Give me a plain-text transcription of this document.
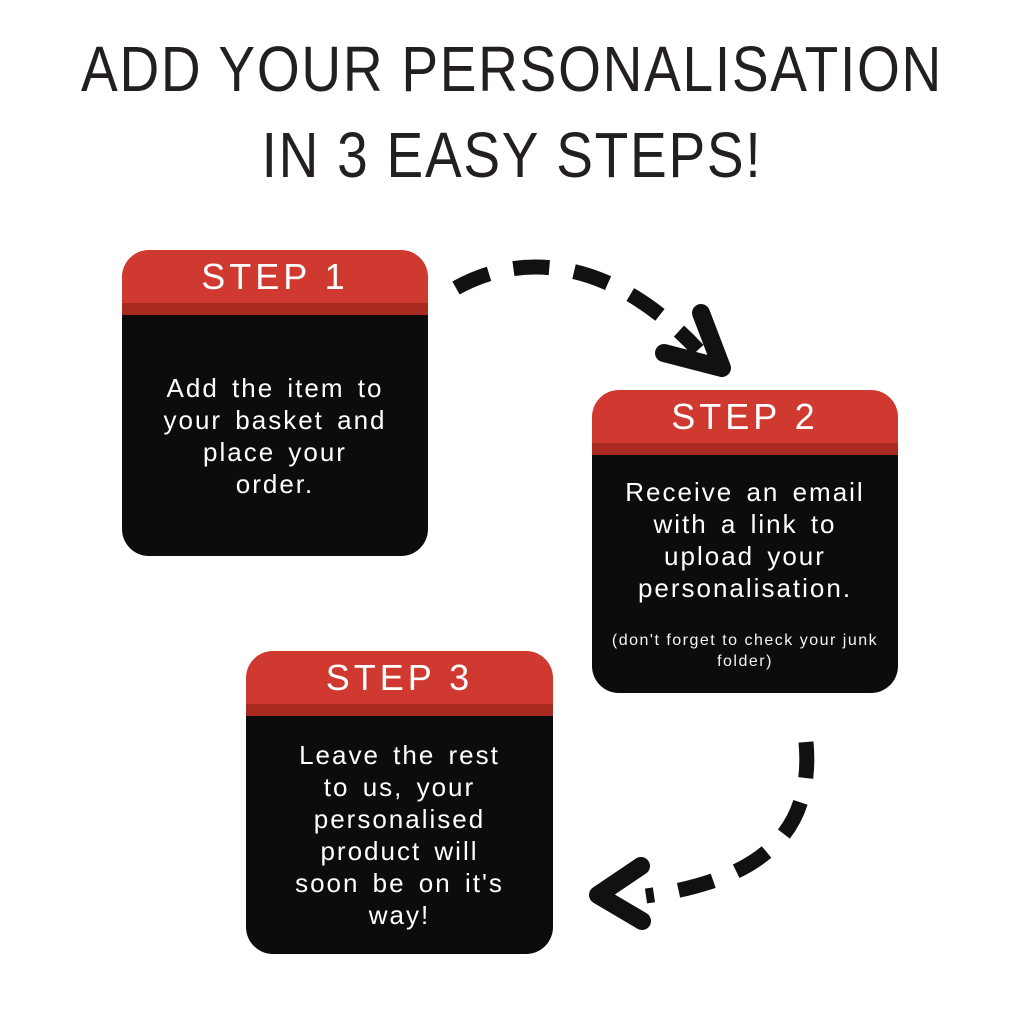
ADD YOUR PERSONALISATION
IN 3 EASY STEPS!
STEP 1
Add the item to
your basket and
place your
order.
STEP 2
Receive an email
with a link to
upload your
personalisation.
(don't forget to check your junk
folder)
STEP 3
Leave the rest
to us, your
personalised
product will
soon be on it's
way!
